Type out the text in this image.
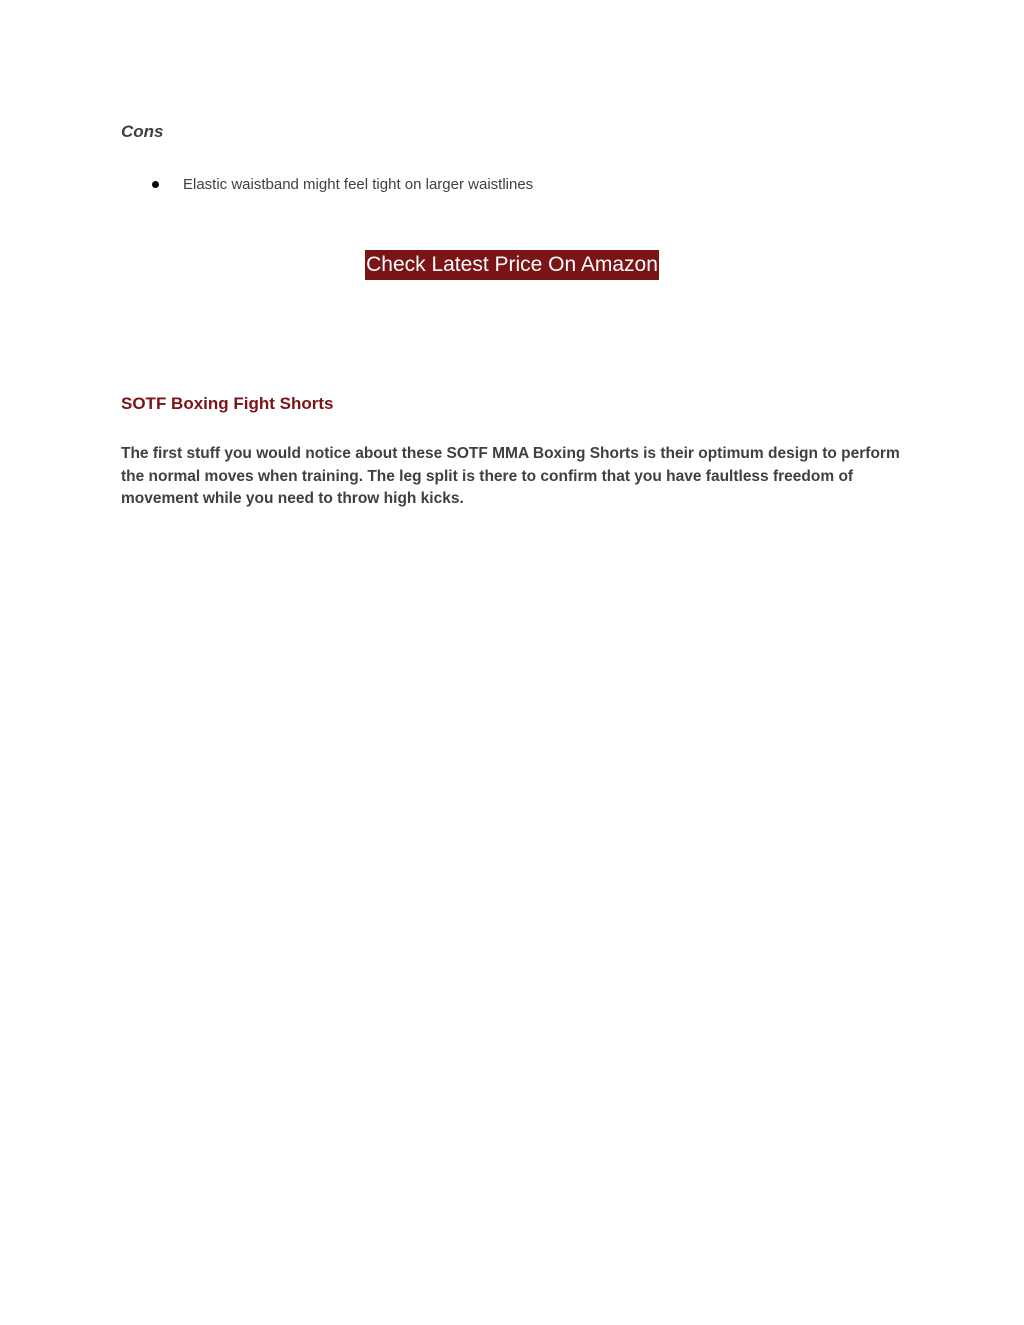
Cons
Elastic waistband might feel tight on larger waistlines
Check Latest Price On Amazon
SOTF Boxing Fight Shorts

The first stuff you would notice about these SOTF MMA Boxing Shorts is their optimum design to perform the normal moves when training. The leg split is there to confirm that you have faultless freedom of movement while you need to throw high kicks.
